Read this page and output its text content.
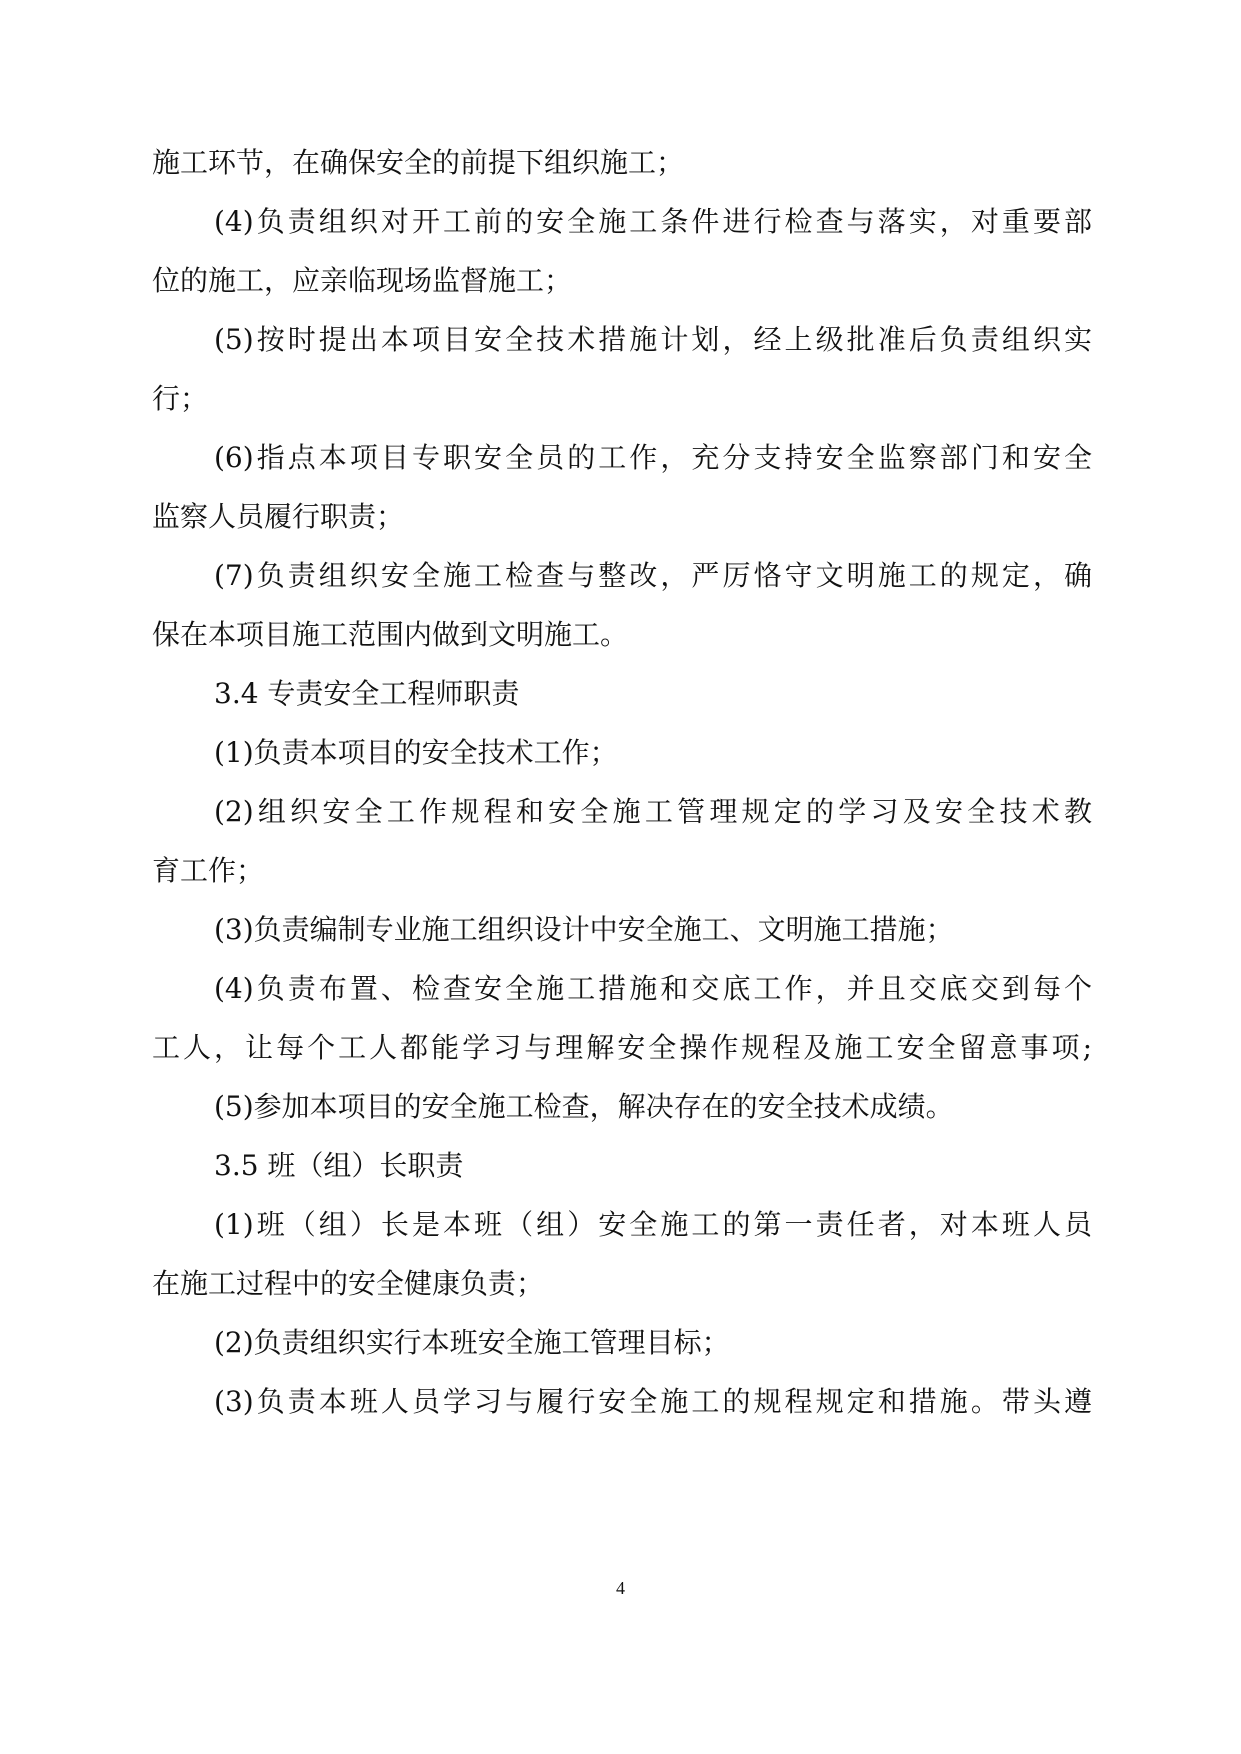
施工环节，在确保安全的前提下组织施工；
(4)负责组织对开工前的安全施工条件进行检查与落实，对重要部
位的施工，应亲临现场监督施工；
(5)按时提出本项目安全技术措施计划，经上级批准后负责组织实
行；
(6)指点本项目专职安全员的工作，充分支持安全监察部门和安全
监察人员履行职责；
(7)负责组织安全施工检查与整改，严厉恪守文明施工的规定，确
保在本项目施工范围内做到文明施工。
3.4 专责安全工程师职责
(1)负责本项目的安全技术工作；
(2)组织安全工作规程和安全施工管理规定的学习及安全技术教
育工作；
(3)负责编制专业施工组织设计中安全施工、文明施工措施；
(4)负责布置、检查安全施工措施和交底工作，并且交底交到每个
工人，让每个工人都能学习与理解安全操作规程及施工安全留意事项;
(5)参加本项目的安全施工检查，解决存在的安全技术成绩。
3.5 班（组）长职责
(1)班（组）长是本班（组）安全施工的第一责任者，对本班人员
在施工过程中的安全健康负责；
(2)负责组织实行本班安全施工管理目标；
(3)负责本班人员学习与履行安全施工的规程规定和措施。带头遵
4
